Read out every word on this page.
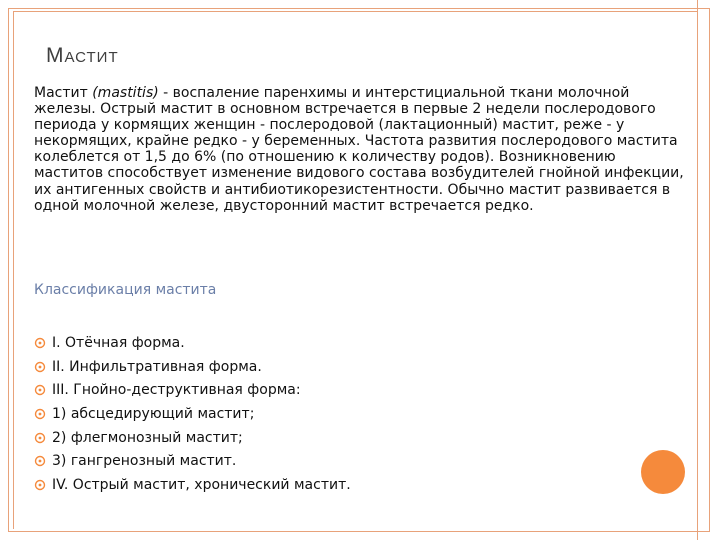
Мастит
Мастит (mastitis) - воспаление паренхимы и интерстициальной ткани молочной железы. Острый мастит в основном встречается в первые 2 недели послеродового периода у кормящих женщин - послеродовой (лактационный) мастит, реже - у некормящих, крайне редко - у беременных. Частота развития послеродового мастита колеблется от 1,5 до 6% (по отношению к количеству родов). Возникновению маститов способствует изменение видового состава возбудителей гнойной инфекции, их антигенных свойств и антибиотикорезистентности. Обычно мастит развивается в одной молочной железе, двусторонний мастит встречается редко.
Классификация мастита
I. Отёчная форма.
II. Инфильтративная форма.
III. Гнойно-деструктивная форма:
1) абсцедирующий мастит;
2) флегмонозный мастит;
3) гангренозный мастит.
IV. Острый мастит, хронический мастит.
